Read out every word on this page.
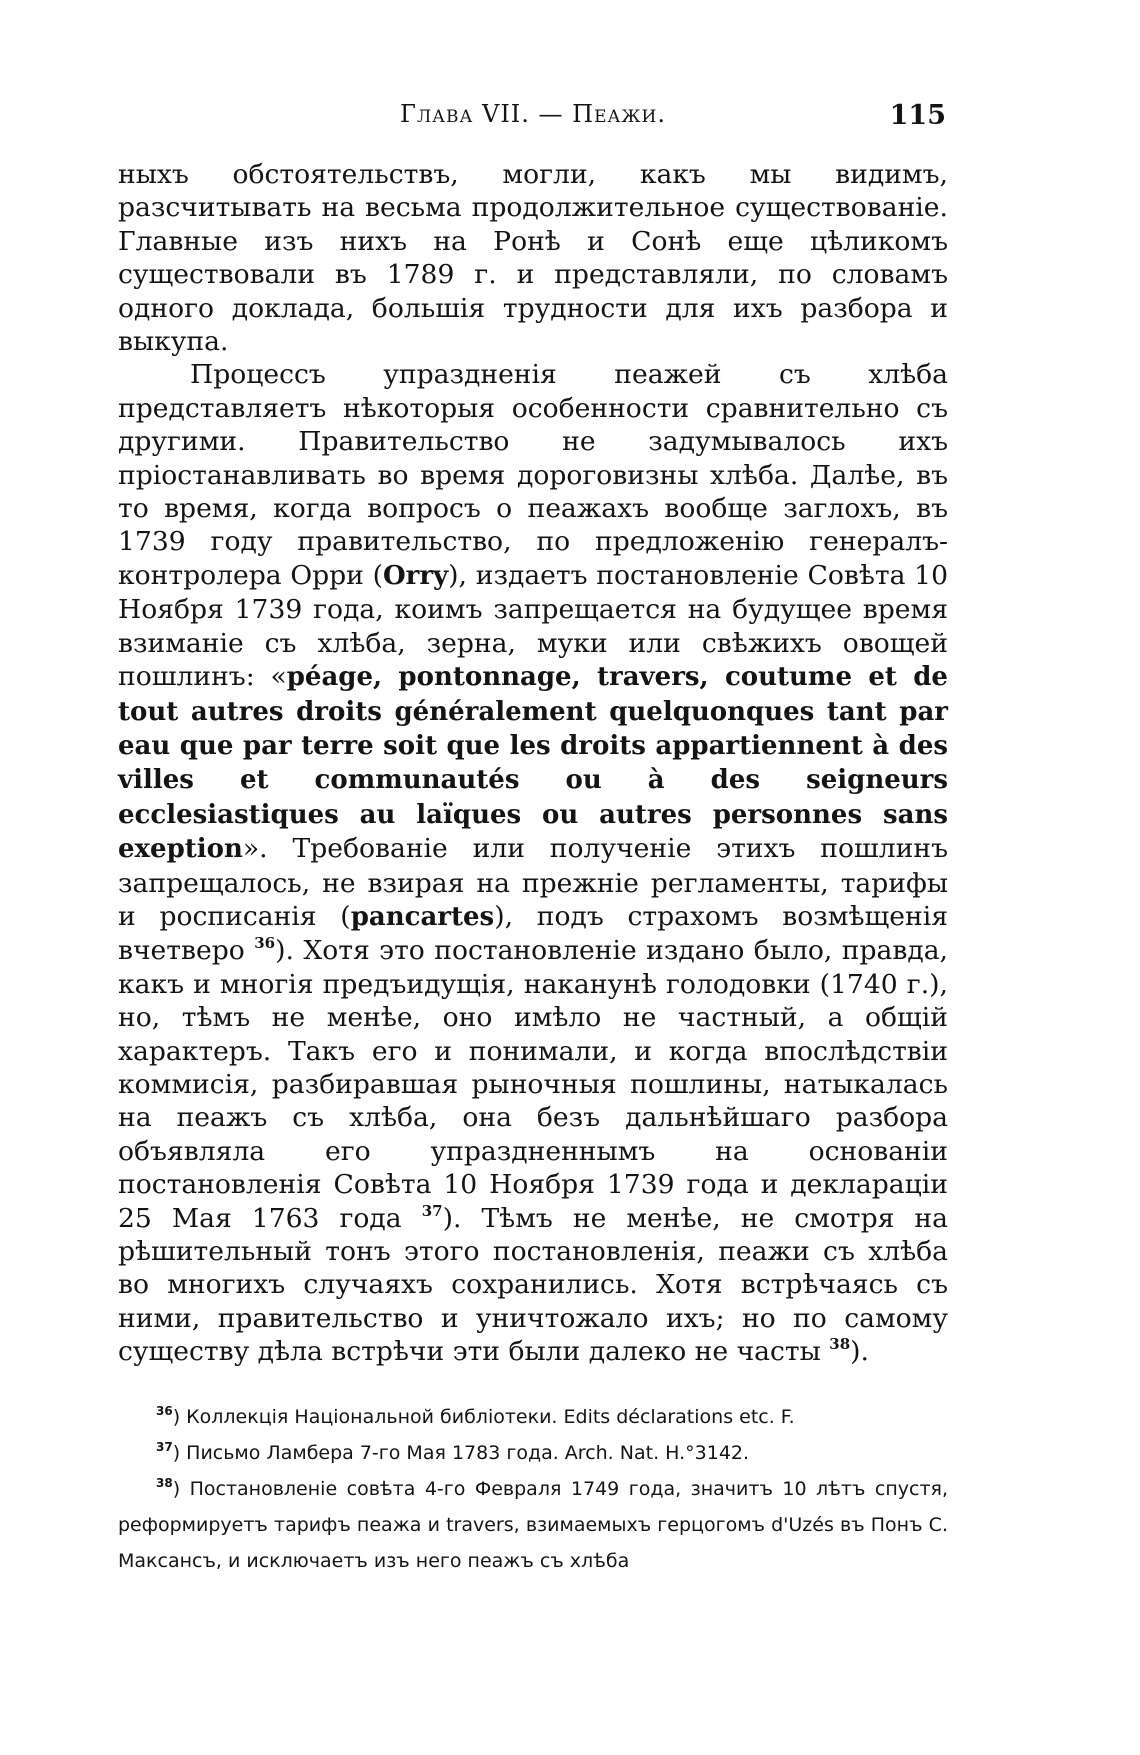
Глава VII. — Пеажи.	115

ныхъ обстоятельствъ, могли, какъ мы видимъ, разсчитывать на весьма продолжительное существованіе. Главные изъ нихъ на Ронѣ и Сонѣ еще цѣликомъ существовали въ 1789 г. и представляли, по словамъ одного доклада, большія трудности для ихъ разбора и выкупа.

Процессъ упраздненія пеажей съ хлѣба представляетъ нѣкоторыя особенности сравнительно съ другими. Правительство не задумывалось ихъ пріостанавливать во время дороговизны хлѣба. Далѣе, въ то время, когда вопросъ о пеажахъ вообще заглохъ, въ 1739 году правительство, по предложенію генералъ-контролера Орри (Orry), издаетъ постановленіе Совѣта 10 Ноября 1739 года, коимъ запрещается на будущее время взиманіе съ хлѣба, зерна, муки или свѣжихъ овощей пошлинъ: «péage, pontonnage, travers, coutume et de tout autres droits généralement quelquonques tant par eau que par terre soit que les droits appartiennent à des villes et communautés ou à des seigneurs ecclesiastiques au laïques ou autres personnes sans exeption». Требованіе или полученіе этихъ пошлинъ запрещалось, не взирая на прежніе регламенты, тарифы и росписанія (pancartes), подъ страхомъ возмѣщенія вчетверо $^{36}$). Хотя это постановленіе издано было, правда, какъ и многія предъидущія, наканунѣ голодовки (1740 г.), но, тѣмъ не менѣе, оно имѣло не частный, а общій характеръ. Такъ его и понимали, и когда впослѣдствіи коммисія, разбиравшая рыночныя пошлины, натыкалась на пеажъ съ хлѣба, она безъ дальнѣйшаго разбора объявляла его упраздненнымъ на основаніи постановленія Совѣта 10 Ноября 1739 года и деклараціи 25 Мая 1763 года $^{37}$). Тѣмъ не менѣе, не смотря на рѣшительный тонъ этого постановленія, пеажи съ хлѣба во многихъ случаяхъ сохранились. Хотя встрѣчаясь съ ними, правительство и уничтожало ихъ; но по самому существу дѣла встрѣчи эти были далеко не часты $^{38}$).

$^{36}$) Коллекція Національной библіотеки. Edits déclarations etc. F.

$^{37}$) Письмо Ламбера 7-го Мая 1783 года. Arch. Nat. H.°3142.

$^{38}$) Постановленіе совѣта 4-го Февраля 1749 года, значитъ 10 лѣтъ спустя, реформируетъ тарифъ пеажа и travers, взимаемыхъ герцогомъ d'Uzés въ Понъ С. Максансъ, и исключаетъ изъ него пеажъ съ хлѣба
